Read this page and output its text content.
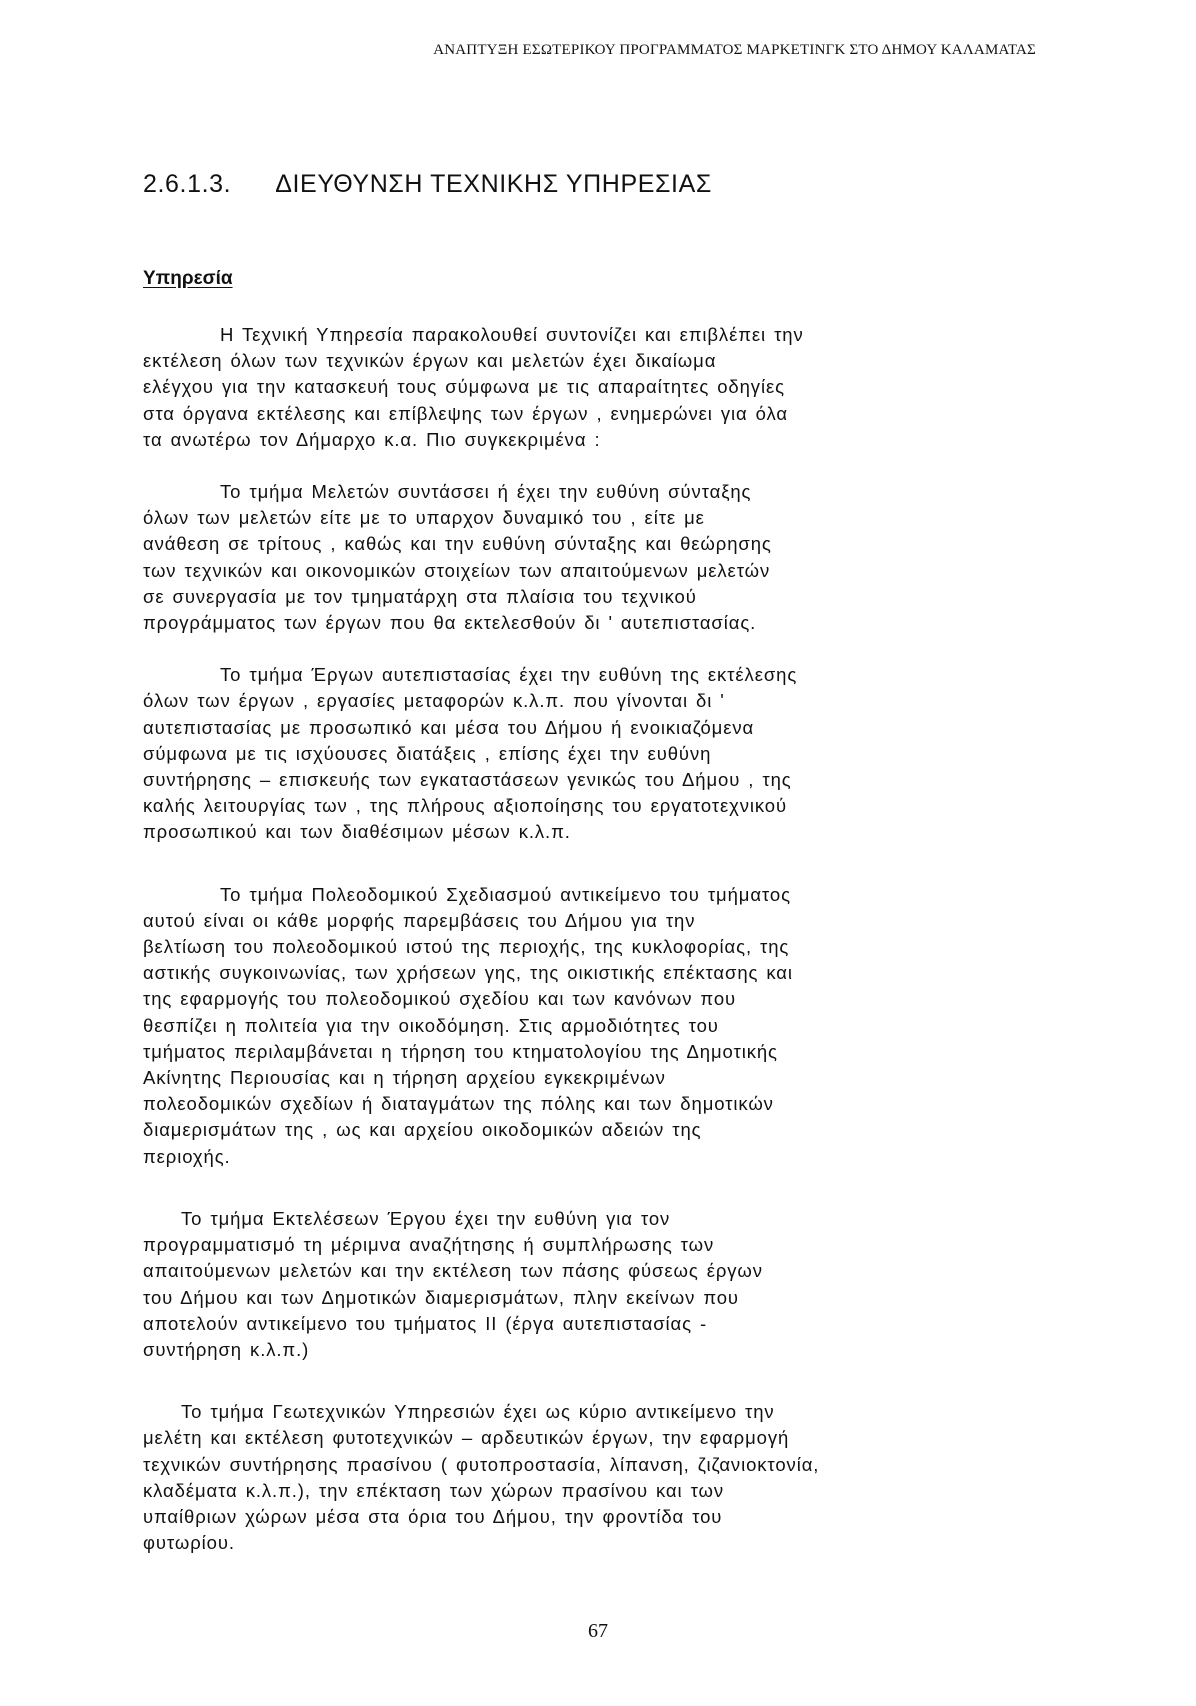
ΑΝΑΠΤΥΞΗ ΕΣΩΤΕΡΙΚΟΥ ΠΡΟΓΡΑΜΜΑΤΟΣ ΜΑΡΚΕΤΙΝΓΚ ΣΤΟ ΔΗΜΟΥ ΚΑΛΑΜΑΤΑΣ
2.6.1.3. ΔΙΕΥΘΥΝΣΗ ΤΕΧΝΙΚΗΣ ΥΠΗΡΕΣΙΑΣ
Υπηρεσία

Η Τεχνική Υπηρεσία παρακολουθεί συντονίζει και επιβλέπει την
εκτέλεση όλων των τεχνικών έργων και μελετών έχει δικαίωμα
ελέγχου για την κατασκευή τους σύμφωνα με τις απαραίτητες οδηγίες
στα όργανα εκτέλεσης και επίβλεψης των έργων , ενημερώνει για όλα
τα ανωτέρω τον Δήμαρχο κ.α. Πιο συγκεκριμένα :

Το τμήμα Μελετών συντάσσει ή έχει την ευθύνη σύνταξης
όλων των μελετών είτε με το υπαρχον δυναμικό του , είτε με
ανάθεση σε τρίτους , καθώς και την ευθύνη σύνταξης και θεώρησης
των τεχνικών και οικονομικών στοιχείων των απαιτούμενων μελετών
σε συνεργασία με τον τμηματάρχη στα πλαίσια του τεχνικού
προγράμματος των έργων που θα εκτελεσθούν δι ' αυτεπιστασίας.

Το τμήμα Έργων αυτεπιστασίας έχει την ευθύνη της εκτέλεσης
όλων των έργων , εργασίες μεταφορών κ.λ.π. που γίνονται δι '
αυτεπιστασίας με προσωπικό και μέσα του Δήμου ή ενοικιαζόμενα
σύμφωνα με τις ισχύουσες διατάξεις , επίσης έχει την ευθύνη
συντήρησης – επισκευής των εγκαταστάσεων γενικώς του Δήμου , της
καλής λειτουργίας των , της πλήρους αξιοποίησης του εργατοτεχνικού
προσωπικού και των διαθέσιμων μέσων κ.λ.π.

Το τμήμα Πολεοδομικού Σχεδιασμού αντικείμενο του τμήματος
αυτού είναι οι κάθε μορφής παρεμβάσεις του Δήμου για την
βελτίωση του πολεοδομικού ιστού της περιοχής, της κυκλοφορίας, της
αστικής συγκοινωνίας, των χρήσεων γης, της οικιστικής επέκτασης και
της εφαρμογής του πολεοδομικού σχεδίου και των κανόνων που
θεσπίζει η πολιτεία για την οικοδόμηση. Στις αρμοδιότητες του
τμήματος περιλαμβάνεται η τήρηση του κτηματολογίου της Δημοτικής
Ακίνητης Περιουσίας και η τήρηση αρχείου εγκεκριμένων
πολεοδομικών σχεδίων ή διαταγμάτων της πόλης και των δημοτικών
διαμερισμάτων της , ως και αρχείου οικοδομικών αδειών της
περιοχής.

Το τμήμα Εκτελέσεων Έργου έχει την ευθύνη για τον
προγραμματισμό τη μέριμνα αναζήτησης ή συμπλήρωσης των
απαιτούμενων μελετών και την εκτέλεση των πάσης φύσεως έργων
του Δήμου και των Δημοτικών διαμερισμάτων, πλην εκείνων που
αποτελούν αντικείμενο του τμήματος ΙΙ (έργα αυτεπιστασίας -
συντήρηση κ.λ.π.)

Το τμήμα Γεωτεχνικών Υπηρεσιών έχει ως κύριο αντικείμενο την
μελέτη και εκτέλεση φυτοτεχνικών – αρδευτικών έργων, την εφαρμογή
τεχνικών συντήρησης πρασίνου ( φυτοπροστασία, λίπανση, ζιζανιοκτονία,
κλαδέματα κ.λ.π.), την επέκταση των χώρων πρασίνου και των
υπαίθριων χώρων μέσα στα όρια του Δήμου, την φροντίδα του
φυτωρίου.

67
